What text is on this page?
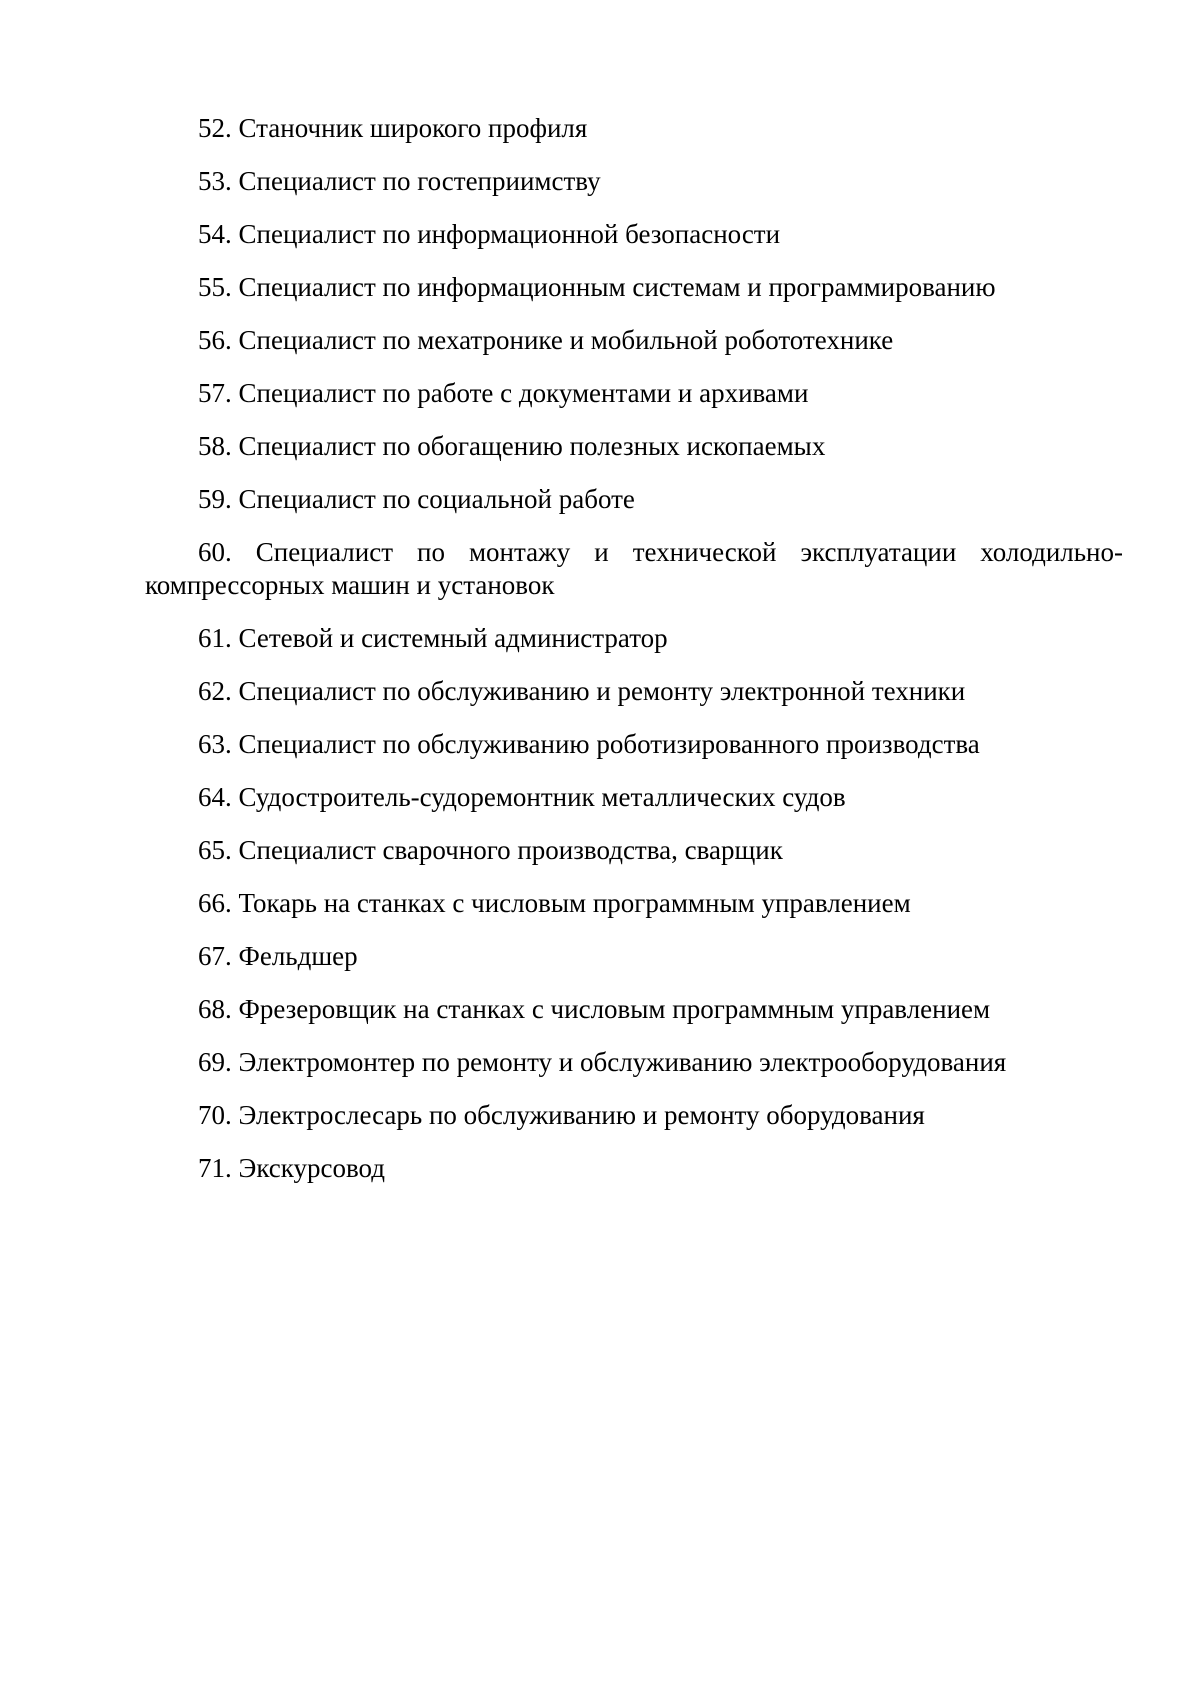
52. Станочник широкого профиля
53. Специалист по гостеприимству
54. Специалист по информационной безопасности
55. Специалист по информационным системам и программированию
56. Специалист по мехатронике и мобильной робототехнике
57. Специалист по работе с документами и архивами
58. Специалист по обогащению полезных ископаемых
59. Специалист по социальной работе
60. Специалист по монтажу и технической эксплуатации холодильно-
компрессорных машин и установок
61. Сетевой и системный администратор
62. Специалист по обслуживанию и ремонту электронной техники
63. Специалист по обслуживанию роботизированного производства
64. Судостроитель-судоремонтник металлических судов
65. Специалист сварочного производства, сварщик
66. Токарь на станках с числовым программным управлением
67. Фельдшер
68. Фрезеровщик на станках с числовым программным управлением
69. Электромонтер по ремонту и обслуживанию электрооборудования
70. Электрослесарь по обслуживанию и ремонту оборудования
71. Экскурсовод
